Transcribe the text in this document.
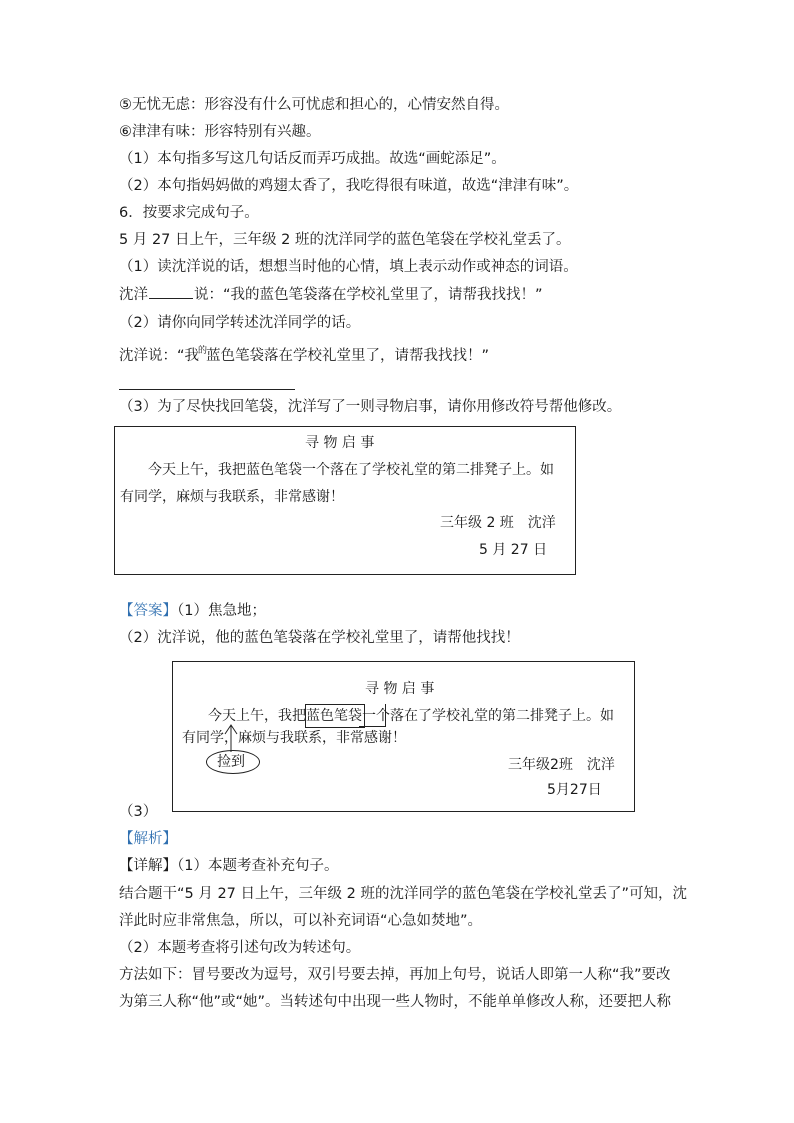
⑤无忧无虑：形容没有什么可忧虑和担心的，心情安然自得。
⑥津津有味：形容特别有兴趣。
（1）本句指多写这几句话反而弄巧成拙。故选“画蛇添足”。
（2）本句指妈妈做的鸡翅太香了，我吃得很有味道，故选“津津有味”。
6．按要求完成句子。
5 月 27 日上午，三年级 2 班的沈洋同学的蓝色笔袋在学校礼堂丢了。
（1）读沈洋说的话，想想当时他的心情，填上表示动作或神态的词语。
沈洋	说：“我的蓝色笔袋落在学校礼堂里了，请帮我找找！”
（2）请你向同学转述沈洋同学的话。
沈洋说：“我$^的$蓝色笔袋落在学校礼堂里了，请帮我找找！”
（3）为了尽快找回笔袋，沈洋写了一则寻物启事，请你用修改符号帮他修改。
寻 物 启 事
今天上午，我把蓝色笔袋一个落在了学校礼堂的第二排凳子上。如
有同学，麻烦与我联系，非常感谢！
三年级 2 班　沈洋
5 月 27 日
【答案】（1）焦急地；
（2）沈洋说，他的蓝色笔袋落在学校礼堂里了，请帮他找找！
寻 物 启 事
今天上午，我把蓝色笔袋
一个
落在了学校礼堂的第二排凳子上。如
有同学，麻烦与我联系，非常感谢！
捡到	三年级2班　沈洋
5月27日
（3）
【解析】
【详解】（1）本题考查补充句子。
结合题干“5 月 27 日上午，三年级 2 班的沈洋同学的蓝色笔袋在学校礼堂丢了”可知，沈
洋此时应非常焦急，所以，可以补充词语“心急如焚地”。
（2）本题考查将引述句改为转述句。
方法如下：冒号要改为逗号，双引号要去掉，再加上句号，说话人即第一人称“我”要改
为第三人称“他”或“她”。当转述句中出现一些人物时，不能单单修改人称，还要把人称
